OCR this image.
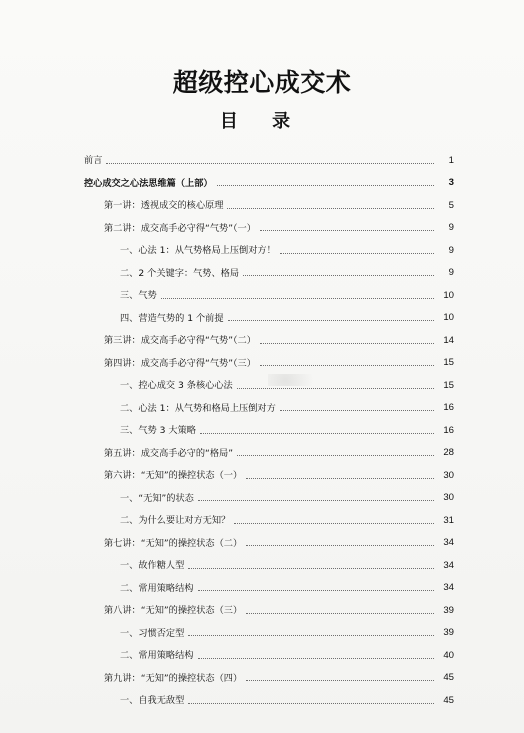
超级控心成交术
目 录
前言	1
控心成交之心法思维篇（上部）	3
第一讲：透视成交的核心原理	5
第二讲：成交高手必守得“气势”（一）	9
一、心法 1：从气势格局上压倒对方！	9
二、2 个关键字：气势、格局	9
三、气势	10
四、营造气势的 1 个前提	10
第三讲：成交高手必守得“气势”（二）	14
第四讲：成交高手必守得“气势”（三）	15
一、控心成交 3 条核心心法	15
二、心法 1：从气势和格局上压倒对方	16
三、气势 3 大策略	16
第五讲：成交高手必守的“格局”	28
第六讲：“无知”的操控状态（一）	30
一、“无知”的状态	30
二、为什么要让对方无知？	31
第七讲：“无知”的操控状态（二）	34
一、故作糖人型	34
二、常用策略结构	34
第八讲：“无知”的操控状态（三）	39
一、习惯否定型	39
二、常用策略结构	40
第九讲：“无知”的操控状态（四）	45
一、自我无敌型	45
